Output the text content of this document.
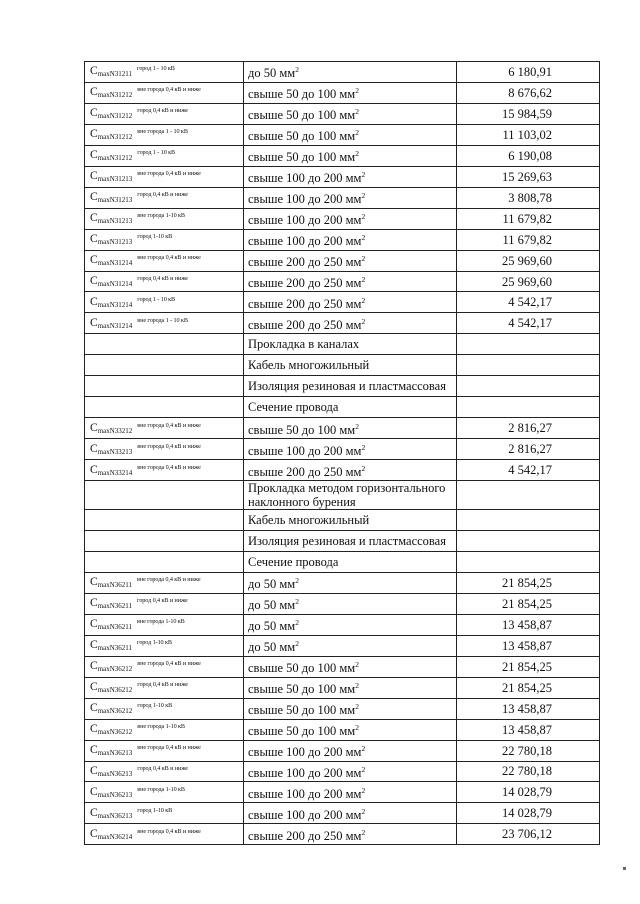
$C_{maxN31211}^{город 1 - 10 кВ}$	до 50 $мм^2$	6 180,91
$C_{maxN31212}^{вне города 0,4 кВ и ниже}$	свыше 50 до 100 $мм^2$	8 676,62
$C_{maxN31212}^{город 0,4 кВ и ниже}$	свыше 50 до 100 $мм^2$	15 984,59
$C_{maxN31212}^{вне города 1 - 10 кВ}$	свыше 50 до 100 $мм^2$	11 103,02
$C_{maxN31212}^{город 1 - 10 кВ}$	свыше 50 до 100 $мм^2$	6 190,08
$C_{maxN31213}^{вне города 0,4 кВ и ниже}$	свыше 100 до 200 $мм^2$	15 269,63
$C_{maxN31213}^{город 0,4 кВ и ниже}$	свыше 100 до 200 $мм^2$	3 808,78
$C_{maxN31213}^{вне города 1-10 кВ}$	свыше 100 до 200 $мм^2$	11 679,82
$C_{maxN31213}^{город 1-10 кВ}$	свыше 100 до 200 $мм^2$	11 679,82
$C_{maxN31214}^{вне города 0,4 кВ и ниже}$	свыше 200 до 250 $мм^2$	25 969,60
$C_{maxN31214}^{город 0,4 кВ и ниже}$	свыше 200 до 250 $мм^2$	25 969,60
$C_{maxN31214}^{город 1 - 10 кВ}$	свыше 200 до 250 $мм^2$	4 542,17
$C_{maxN31214}^{вне города 1 - 10 кВ}$	свыше 200 до 250 $мм^2$	4 542,17
	Прокладка в каналах	
	Кабель многожильный	
	Изоляция резиновая и пластмассовая	
	Сечение провода	
$C_{maxN33212}^{вне города 0,4 кВ и ниже}$	свыше 50 до 100 $мм^2$	2 816,27
$C_{maxN33213}^{вне города 0,4 кВ и ниже}$	свыше 100 до 200 $мм^2$	2 816,27
$C_{maxN33214}^{вне города 0,4 кВ и ниже}$	свыше 200 до 250 $мм^2$	4 542,17
	Прокладка методом горизонтального наклонного бурения	
	Кабель многожильный	
	Изоляция резиновая и пластмассовая	
	Сечение провода	
$C_{maxN36211}^{вне города 0,4 кВ и ниже}$	до 50 $мм^2$	21 854,25
$C_{maxN36211}^{город 0,4 кВ и ниже}$	до 50 $мм^2$	21 854,25
$C_{maxN36211}^{вне города 1-10 кВ}$	до 50 $мм^2$	13 458,87
$C_{maxN36211}^{город 1-10 кВ}$	до 50 $мм^2$	13 458,87
$C_{maxN36212}^{вне города 0,4 кВ и ниже}$	свыше 50 до 100 $мм^2$	21 854,25
$C_{maxN36212}^{город 0,4 кВ и ниже}$	свыше 50 до 100 $мм^2$	21 854,25
$C_{maxN36212}^{город 1-10 кВ}$	свыше 50 до 100 $мм^2$	13 458,87
$C_{maxN36212}^{вне города 1-10 кВ}$	свыше 50 до 100 $мм^2$	13 458,87
$C_{maxN36213}^{вне города 0,4 кВ и ниже}$	свыше 100 до 200 $мм^2$	22 780,18
$C_{maxN36213}^{город 0,4 кВ и ниже}$	свыше 100 до 200 $мм^2$	22 780,18
$C_{maxN36213}^{вне города 1-10 кВ}$	свыше 100 до 200 $мм^2$	14 028,79
$C_{maxN36213}^{город 1-10 кВ}$	свыше 100 до 200 $мм^2$	14 028,79
$C_{maxN36214}^{вне города 0,4 кВ и ниже}$	свыше 200 до 250 $мм^2$	23 706,12
